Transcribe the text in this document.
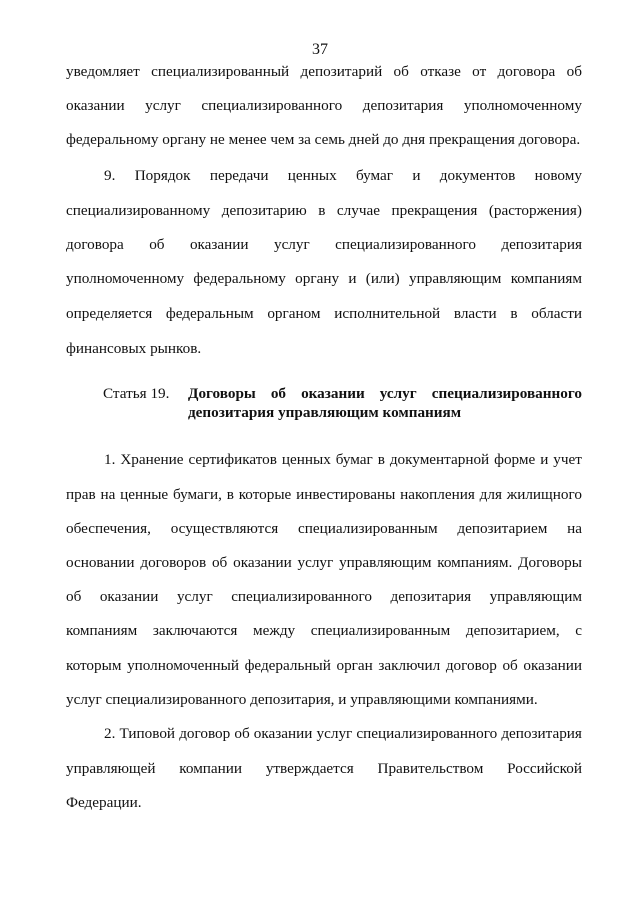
37
уведомляет специализированный депозитарий об отказе от договора об
оказании услуг специализированного депозитария уполномоченному
федеральному органу не менее чем за семь дней до дня прекращения договора.
9. Порядок передачи ценных бумаг и документов новому
специализированному депозитарию в случае прекращения (расторжения)
договора об оказании услуг специализированного депозитария
уполномоченному федеральному органу и (или) управляющим компаниям
определяется федеральным органом исполнительной власти в области
финансовых рынков.
Статья 19. Договоры об оказании услуг специализированного
депозитария управляющим компаниям
1. Хранение сертификатов ценных бумаг в документарной форме и учет
прав на ценные бумаги, в которые инвестированы накопления для жилищного
обеспечения, осуществляются специализированным депозитарием на
основании договоров об оказании услуг управляющим компаниям. Договоры
об оказании услуг специализированного депозитария управляющим
компаниям заключаются между специализированным депозитарием, с
которым уполномоченный федеральный орган заключил договор об оказании
услуг специализированного депозитария, и управляющими компаниями.
2. Типовой договор об оказании услуг специализированного депозитария
управляющей компании утверждается Правительством Российской
Федерации.
